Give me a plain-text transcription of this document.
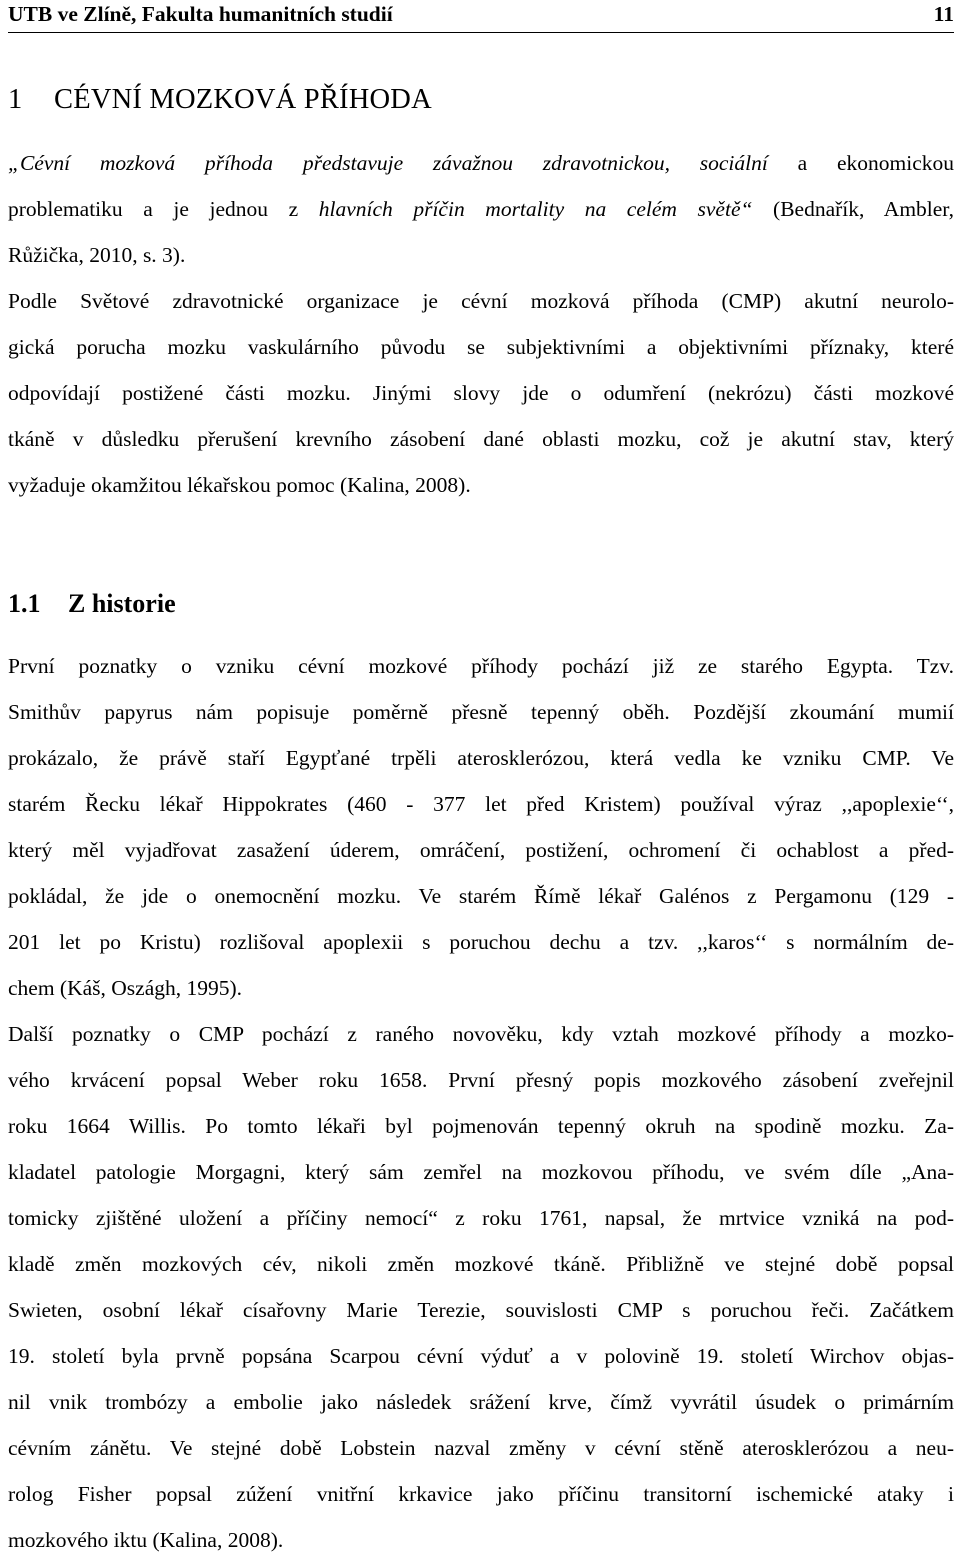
UTB ve Zlíně, Fakulta humanitních studií	11
1 CÉVNÍ MOZKOVÁ PŘÍHODA
„Cévní mozková příhoda představuje závažnou zdravotnickou, sociální a ekonomickou
problematiku a je jednou z hlavních příčin mortality na celém světě“ (Bednařík, Ambler,
Růžička, 2010, s. 3).
Podle Světové zdravotnické organizace je cévní mozková příhoda (CMP) akutní neurolo-
gická porucha mozku vaskulárního původu se subjektivními a objektivními příznaky, které
odpovídají postižené části mozku. Jinými slovy jde o odumření (nekrózu) části mozkové
tkáně v důsledku přerušení krevního zásobení dané oblasti mozku, což je akutní stav, který
vyžaduje okamžitou lékařskou pomoc (Kalina, 2008).
1.1 Z historie
První poznatky o vzniku cévní mozkové příhody pochází již ze starého Egypta. Tzv.
Smithův papyrus nám popisuje poměrně přesně tepenný oběh. Pozdější zkoumání mumií
prokázalo, že právě staří Egypťané trpěli aterosklerózou, která vedla ke vzniku CMP. Ve
starém Řecku lékař Hippokrates (460 - 377 let před Kristem) používal výraz ,,apoplexie‘‘,
který měl vyjadřovat zasažení úderem, omráčení, postižení, ochromení či ochablost a před-
pokládal, že jde o onemocnění mozku. Ve starém Římě lékař Galénos z Pergamonu (129 -
201 let po Kristu) rozlišoval apoplexii s poruchou dechu a tzv. ,,karos‘‘ s normálním de-
chem (Káš, Oszágh, 1995).
Další poznatky o CMP pochází z raného novověku, kdy vztah mozkové příhody a mozko-
vého krvácení popsal Weber roku 1658. První přesný popis mozkového zásobení zveřejnil
roku 1664 Willis. Po tomto lékaři byl pojmenován tepenný okruh na spodině mozku. Za-
kladatel patologie Morgagni, který sám zemřel na mozkovou příhodu, ve svém díle „Ana-
tomicky zjištěné uložení a příčiny nemocí“ z roku 1761, napsal, že mrtvice vzniká na pod-
kladě změn mozkových cév, nikoli změn mozkové tkáně. Přibližně ve stejné době popsal
Swieten, osobní lékař císařovny Marie Terezie, souvislosti CMP s poruchou řeči. Začátkem
19. století byla prvně popsána Scarpou cévní výduť a v polovině 19. století Wirchov objas-
nil vnik trombózy a embolie jako následek srážení krve, čímž vyvrátil úsudek o primárním
cévním zánětu. Ve stejné době Lobstein nazval změny v cévní stěně aterosklerózou a neu-
rolog Fisher popsal zúžení vnitřní krkavice jako příčinu transitorní ischemické ataky i
mozkového iktu (Kalina, 2008).
